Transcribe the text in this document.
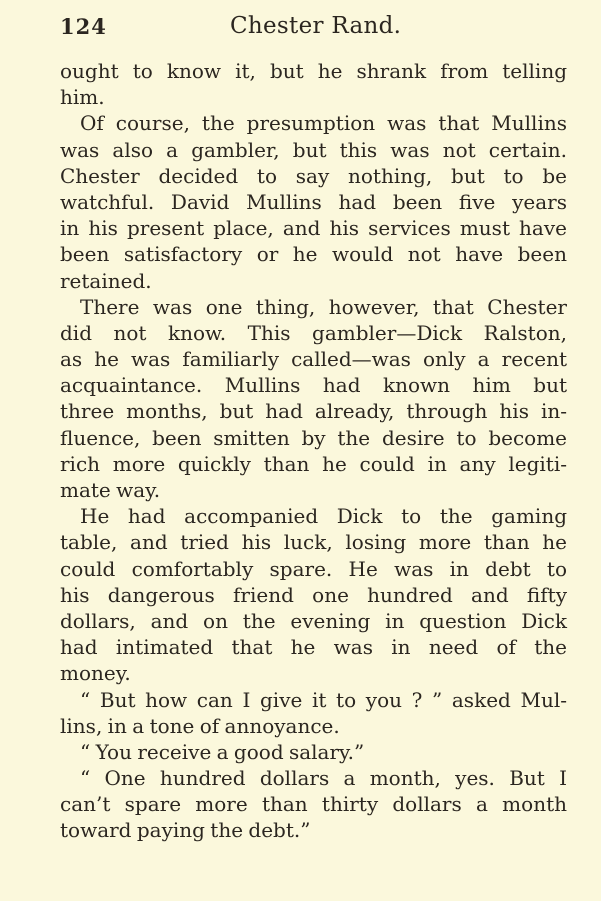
124	Chester Rand.
ought to know it, but he shrank from telling
him.
Of course, the presumption was that Mullins
was also a gambler, but this was not certain.
Chester decided to say nothing, but to be
watchful. David Mullins had been five years
in his present place, and his services must have
been satisfactory or he would not have been
retained.
There was one thing, however, that Chester
did not know. This gambler—Dick Ralston,
as he was familiarly called—was only a recent
acquaintance. Mullins had known him but
three months, but had already, through his in-
fluence, been smitten by the desire to become
rich more quickly than he could in any legiti-
mate way.
He had accompanied Dick to the gaming
table, and tried his luck, losing more than he
could comfortably spare. He was in debt to
his dangerous friend one hundred and fifty
dollars, and on the evening in question Dick
had intimated that he was in need of the
money.
“ But how can I give it to you ? ” asked Mul-
lins, in a tone of annoyance.
“ You receive a good salary.”
“ One hundred dollars a month, yes. But I
can’t spare more than thirty dollars a month
toward paying the debt.”
